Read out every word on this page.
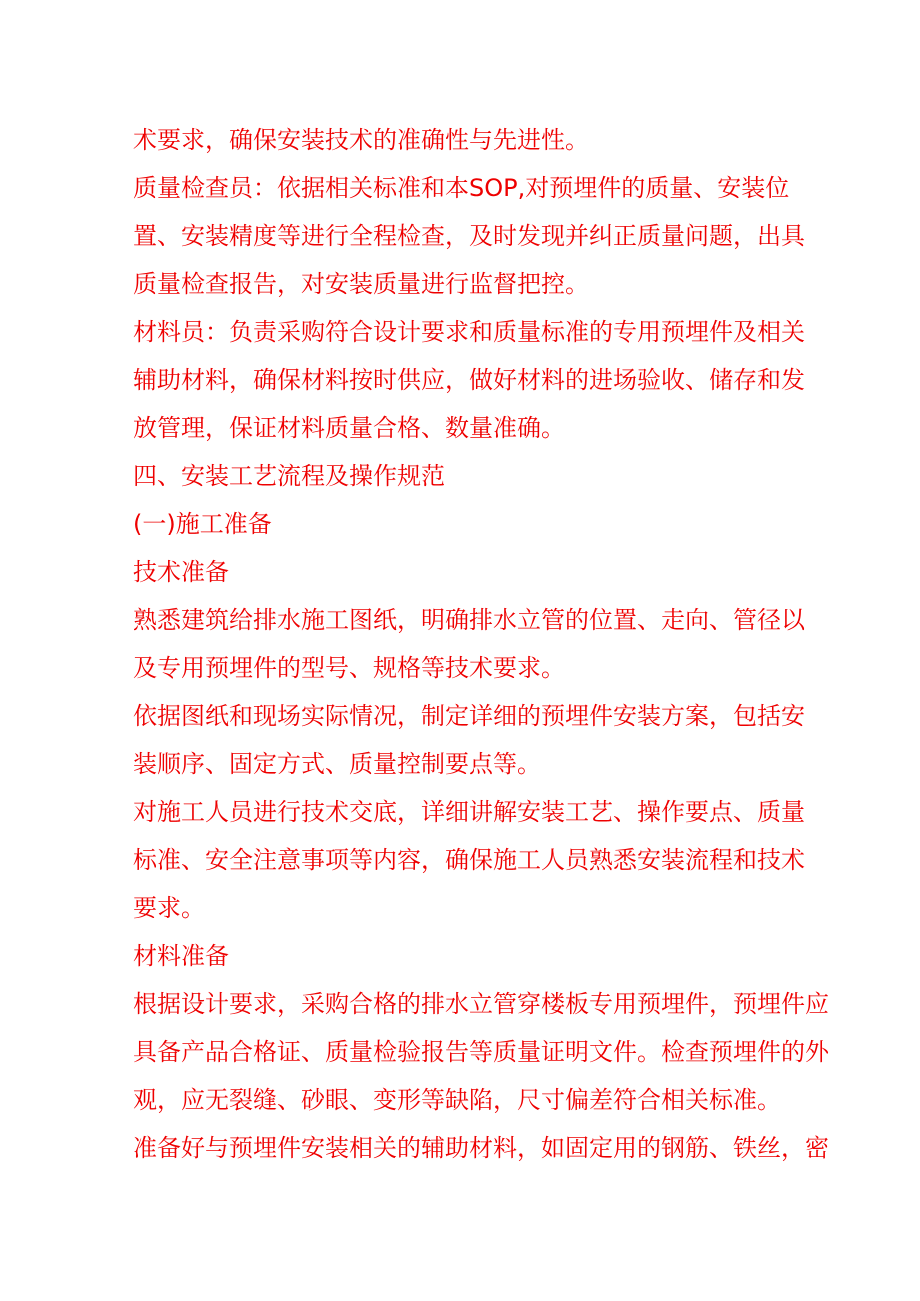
术要求，确保安装技术的准确性与先进性。
质量检查员：依据相关标准和本SOP,对预埋件的质量、安装位
置、安装精度等进行全程检查，及时发现并纠正质量问题，出具
质量检查报告，对安装质量进行监督把控。
材料员：负责采购符合设计要求和质量标准的专用预埋件及相关
辅助材料，确保材料按时供应，做好材料的进场验收、储存和发
放管理，保证材料质量合格、数量准确。
四、安装工艺流程及操作规范
(一)施工准备
技术准备
熟悉建筑给排水施工图纸，明确排水立管的位置、走向、管径以
及专用预埋件的型号、规格等技术要求。
依据图纸和现场实际情况，制定详细的预埋件安装方案，包括安
装顺序、固定方式、质量控制要点等。
对施工人员进行技术交底，详细讲解安装工艺、操作要点、质量
标准、安全注意事项等内容，确保施工人员熟悉安装流程和技术
要求。
材料准备
根据设计要求，采购合格的排水立管穿楼板专用预埋件，预埋件应
具备产品合格证、质量检验报告等质量证明文件。检查预埋件的外
观，应无裂缝、砂眼、变形等缺陷，尺寸偏差符合相关标准。
准备好与预埋件安装相关的辅助材料，如固定用的钢筋、铁丝，密
